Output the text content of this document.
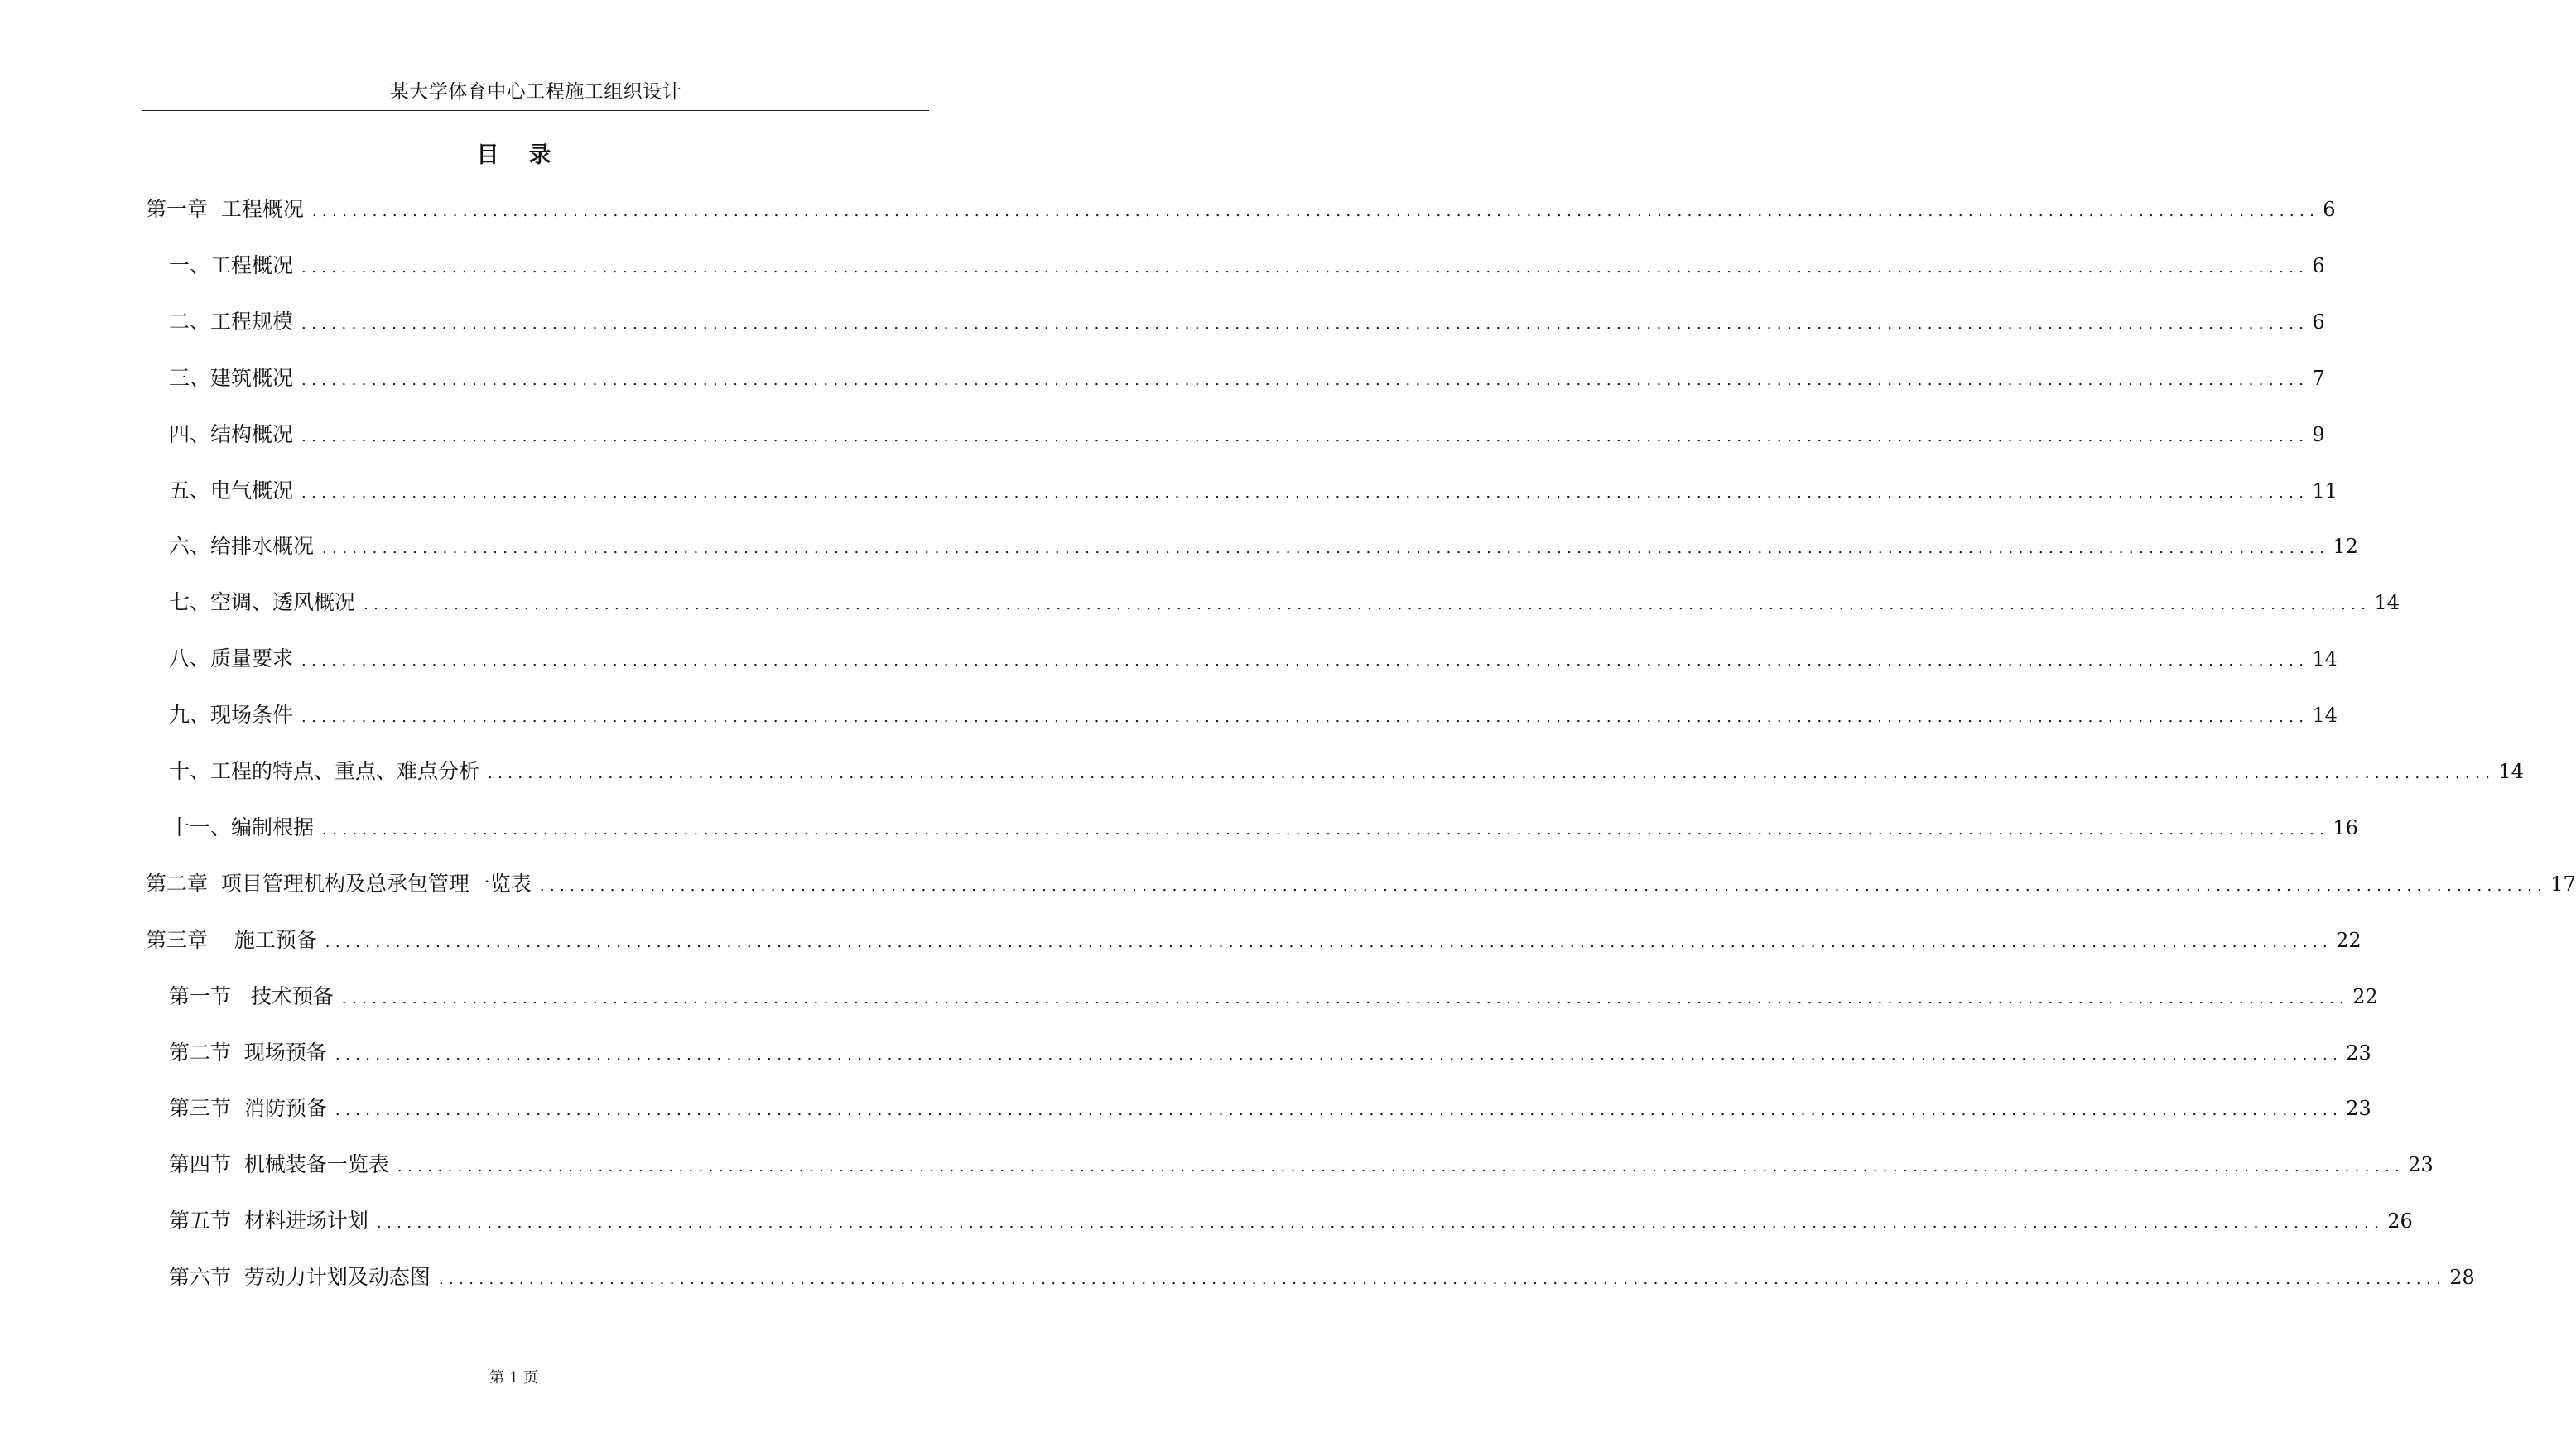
某大学体育中心工程施工组织设计
目录
第一章  工程概况 ........................................................................................................................................................................................................ 6
一、工程概况 ........................................................................................................................................................................................................ 6
二、工程规模 ........................................................................................................................................................................................................ 6
三、建筑概况 ........................................................................................................................................................................................................ 7
四、结构概况 ........................................................................................................................................................................................................ 9
五、电气概况 ........................................................................................................................................................................................................ 11
六、给排水概况 ........................................................................................................................................................................................................ 12
七、空调、透风概况 ........................................................................................................................................................................................................ 14
八、质量要求 ........................................................................................................................................................................................................ 14
九、现场条件 ........................................................................................................................................................................................................ 14
十、工程的特点、重点、难点分析 ........................................................................................................................................................................................................ 14
十一、编制根据 ........................................................................................................................................................................................................ 16
第二章  项目管理机构及总承包管理一览表 ........................................................................................................................................................................................................ 17
第三章    施工预备 ........................................................................................................................................................................................................ 22
第一节   技术预备 ........................................................................................................................................................................................................ 22
第二节  现场预备 ........................................................................................................................................................................................................ 23
第三节  消防预备 ........................................................................................................................................................................................................ 23
第四节  机械装备一览表 ........................................................................................................................................................................................................ 23
第五节  材料进场计划 ........................................................................................................................................................................................................ 26
第六节  劳动力计划及动态图 ........................................................................................................................................................................................................ 28
第 1 页
